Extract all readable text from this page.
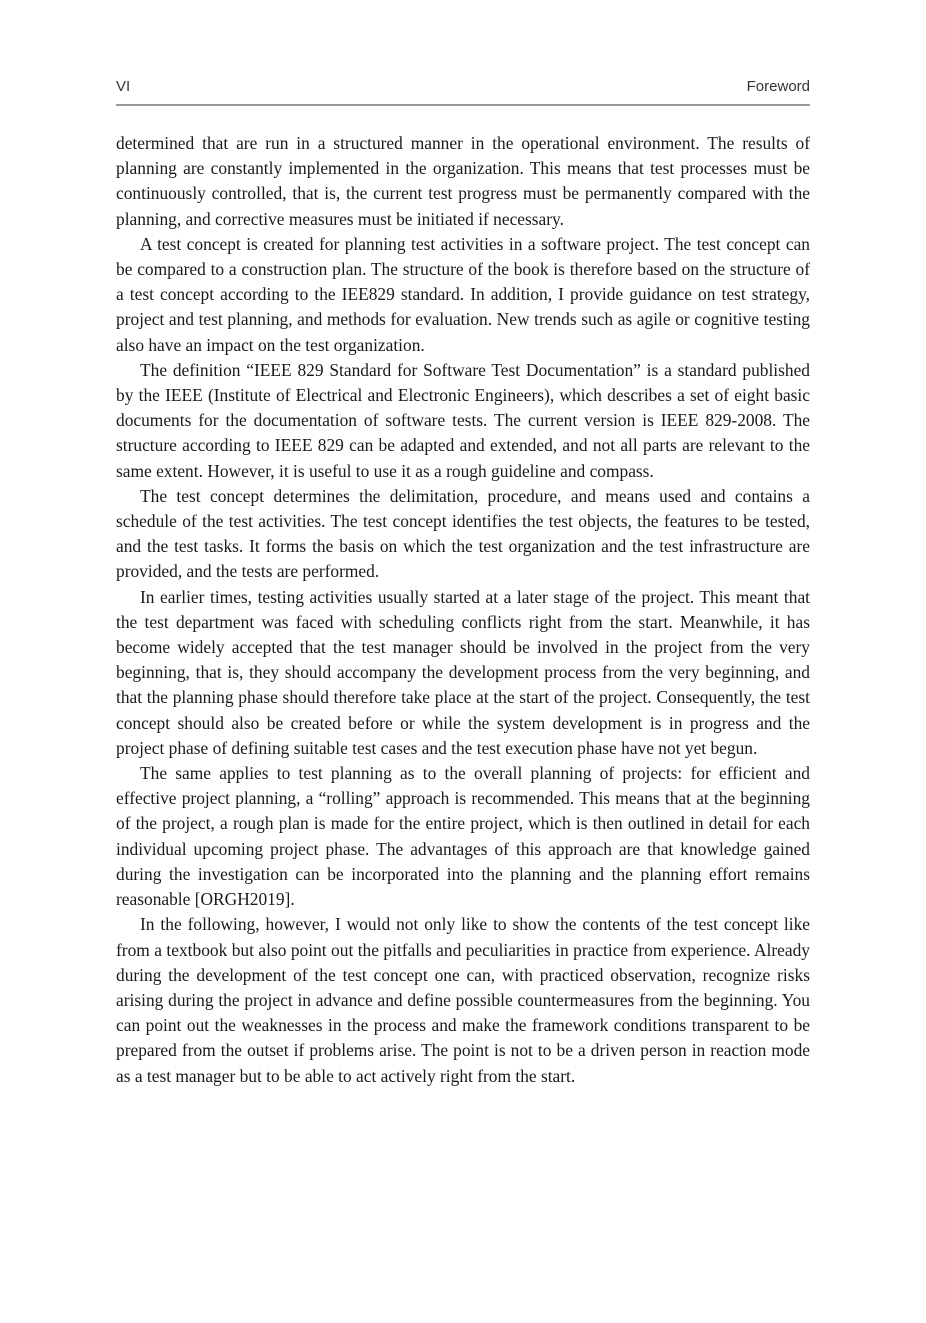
VI	Foreword

determined that are run in a structured manner in the operational environment. The results of planning are constantly implemented in the organization. This means that test processes must be continuously controlled, that is, the current test progress must be permanently compared with the planning, and corrective measures must be initiated if necessary.

A test concept is created for planning test activities in a software project. The test concept can be compared to a construction plan. The structure of the book is therefore based on the structure of a test concept according to the IEE829 standard. In addition, I provide guidance on test strategy, project and test planning, and methods for evaluation. New trends such as agile or cognitive testing also have an impact on the test organization.

The definition “IEEE 829 Standard for Software Test Documentation” is a standard published by the IEEE (Institute of Electrical and Electronic Engineers), which describes a set of eight basic documents for the documentation of software tests. The current version is IEEE 829-2008. The structure according to IEEE 829 can be adapted and extended, and not all parts are relevant to the same extent. However, it is useful to use it as a rough guideline and compass.

The test concept determines the delimitation, procedure, and means used and contains a schedule of the test activities. The test concept identifies the test objects, the features to be tested, and the test tasks. It forms the basis on which the test organization and the test infrastructure are provided, and the tests are performed.

In earlier times, testing activities usually started at a later stage of the project. This meant that the test department was faced with scheduling conflicts right from the start. Meanwhile, it has become widely accepted that the test manager should be involved in the project from the very beginning, that is, they should accompany the development process from the very beginning, and that the planning phase should therefore take place at the start of the project. Consequently, the test concept should also be created before or while the system development is in progress and the project phase of defining suitable test cases and the test execution phase have not yet begun.

The same applies to test planning as to the overall planning of projects: for efficient and effective project planning, a “rolling” approach is recommended. This means that at the beginning of the project, a rough plan is made for the entire project, which is then outlined in detail for each individual upcoming project phase. The advantages of this approach are that knowledge gained during the investigation can be incorporated into the planning and the planning effort remains reasonable [ORGH2019].

In the following, however, I would not only like to show the contents of the test concept like from a textbook but also point out the pitfalls and peculiarities in practice from experience. Already during the development of the test concept one can, with practiced observation, recognize risks arising during the project in advance and define possible countermeasures from the beginning. You can point out the weaknesses in the process and make the framework conditions transparent to be prepared from the outset if problems arise. The point is not to be a driven person in reaction mode as a test manager but to be able to act actively right from the start.
